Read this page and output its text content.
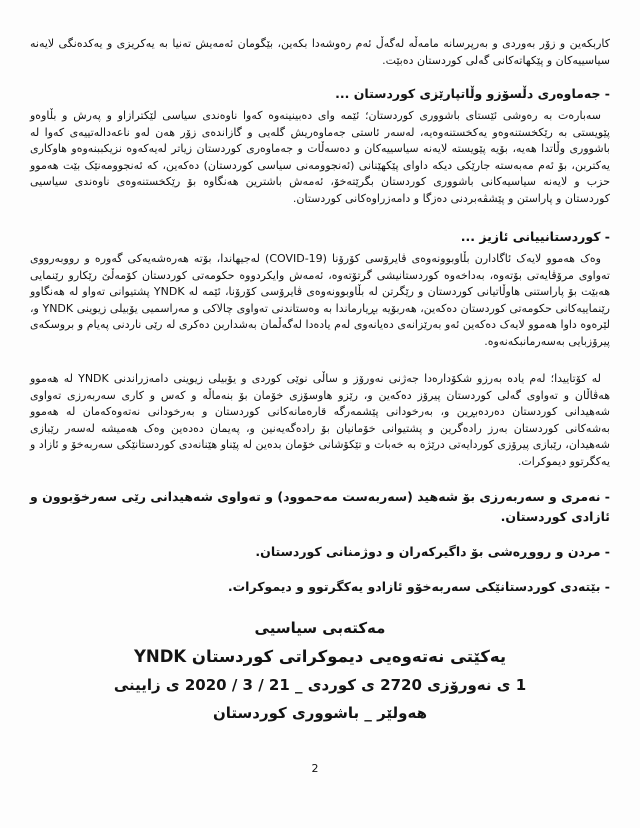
کاربکەین و زۆر بەوردی و بەرپرسانە مامەڵە لەگەڵ ئەم رەوشەدا بکەین، بێگومان ئەمەیش تەنیا بە یەکریزی و یەکدەنگی لایەنە سیاسییەکان و پێکهاتەکانی گەلی کوردستان دەبێت.

- جەماوەری دڵسۆزو وڵاتپارێزی کوردستان ...

سەبارەت بە رەوشی ئێستای باشووری کوردستان؛ ئێمە وای دەبینینەوە کەوا ناوەندی سیاسی لێکترازاو و پەرش و بڵاوەو پێویستی بە رێکخستنەوەو یەکخستنەوەیە، لەسەر ئاستی جەماوەریش گلەیی و گازاندەی زۆر هەن لەو ناعەدالەتییەی کەوا لە باشووری وڵاتدا هەیە، بۆیە پێویستە لایەنە سیاسییەکان و دەسەڵات و جەماوەری کوردستان زیاتر لەیەکەوە نزیکببنەوەو هاوکاری یەکتربن، بۆ ئەم مەبەستە جارێکی دیکە داوای پێکهێنانی (ئەنجوومەنی سیاسی کوردستان) دەکەین، کە ئەنجوومەنێک بێت هەموو حزب و لایەنە سیاسیەکانی باشووری کوردستان بگرێتەخۆ، ئەمەش باشترین هەنگاوە بۆ رێکخستنەوەی ناوەندی سیاسیی کوردستان و پاراستن و پێشڤەبردنی دەزگا و دامەزراوەکانی کوردستان.

- کوردستانییانی ئازیز ...

وەک هەموو لایەک ئاگادارن بڵاوبوونەوەی ڤایرۆسی کۆرۆنا (COVID-19) لەجیهاندا، بۆتە هەرەشەیەکی گەورە و رووبەرووی تەواوی مرۆڤایەتی بۆتەوە، بەداخەوە کوردستانیشی گرتۆتەوە، ئەمەش وایکردووە حکومەتی کوردستان کۆمەڵێ رێکارو رێنمایی هەبێت بۆ پاراستنی هاوڵاتیانی کوردستان و رێگرتن لە بڵاوبوونەوەی ڤایرۆسی کۆرۆنا، ئێمە لە YNDK پشتیوانی تەواو لە هەنگاوو رێنماییەکانی حکومەتی کوردستان دەکەین، هەربۆیە بڕیارماندا بە وەستاندنی تەواوی چالاکی و مەراسمیی یۆبیلی زیوینی YNDK و، لێرەوە داوا هەموو لایەک دەکەین ئەو بەرێزانەی دەیانەوی لەم یادەدا لەگەڵمان بەشداربن دەکری لە رێی ناردنی پەیام و بروسکەی پیرۆزبایی بەسەرمانبکەنەوە.

لە کۆتاییدا؛ لەم یادە بەرزو شکۆدارەدا جەژنی نەورۆز و ساڵی نوێی کوردی و یۆبیلی زیوینی دامەزراندنی YNDK لە هەموو هەڤاڵان و تەواوی گەلی کوردستان پیرۆز دەکەین و، رێزو هاوسۆزی خۆمان بۆ بنەماڵە و کەس و کاری سەربەرزی تەواوی شەهیدانی کوردستان دەردەبڕین و، بەرخودانی پێشمەرگە قارەمانەکانی کوردستان و بەرخودانی نەتەوەکەمان لە هەموو بەشەکانی کوردستان بەرز رادەگرین و پشتیوانی خۆمانیان بۆ رادەگەیەنین و، پەیمان دەدەین وەک هەمیشە لەسەر رێبازی شەهیدان، رێبازی پیرۆزی کوردایەتی درێژە بە خەبات و تێکۆشانی خۆمان بدەین لە پێناو هێنانەدی کوردستانێکی سەربەخۆ و ئازاد و یەکگرتوو دیموکرات.

- نەمری و سەربەرزی بۆ شەهید (سەربەست مەحموود) و تەواوی شەهیدانی رێی سەرخۆبوون و ئازادی کوردستان.

- مردن و رووڕەشی بۆ داگیرکەران و دوژمنانی کوردستان.

- بێتەدی کوردستانێکی سەربەخۆو ئازادو یەکگرتوو و دیموکرات.

مەکتەبی سیاسیی

یەکێتی نەتەوەیی دیموکراتی کوردستان YNDK

1 ی نەورۆزی 2720 ی کوردی _ 21 / 3 / 2020 ی زایینی

هەولێر _ باشووری کوردستان

2
